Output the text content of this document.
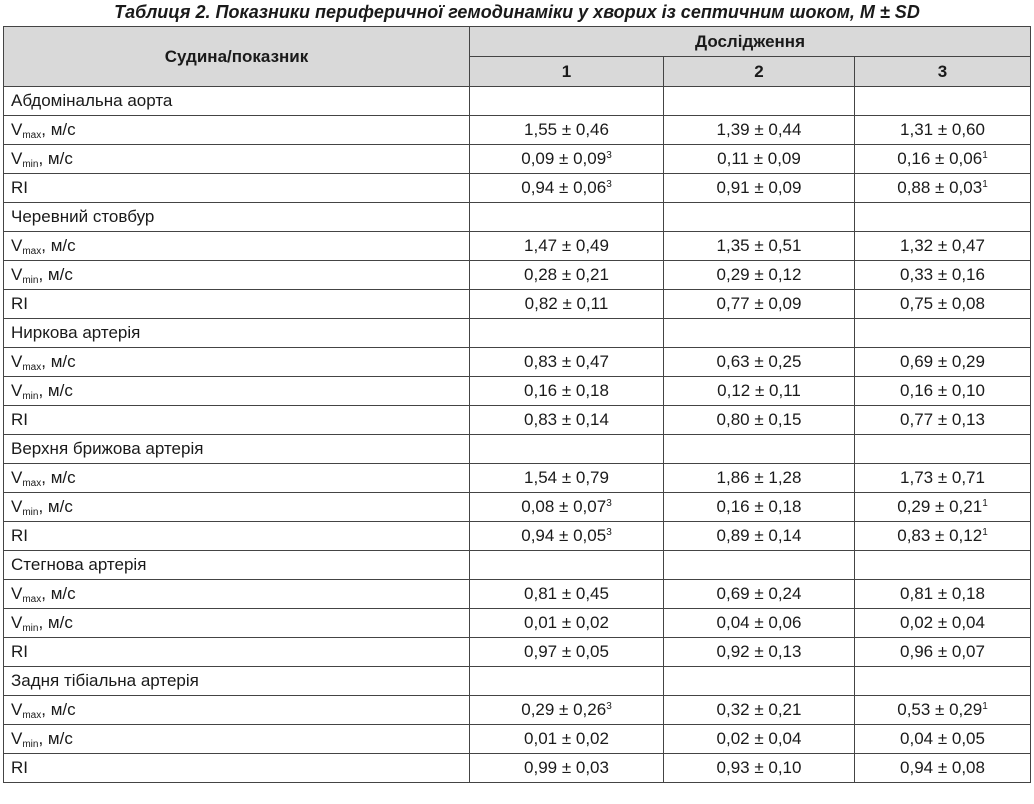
Таблиця 2. Показники периферичної гемодинаміки у хворих із септичним шоком, M ± SD
Судина/показник	Дослідження		
	1	2	3
Абдомінальна аорта			
$V_{max}$, м/с	1,55 ± 0,46	1,39 ± 0,44	1,31 ± 0,60
$V_{min}$, м/с	$0,09 \pm 0,09^3$	0,11 ± 0,09	$0,16 \pm 0,06^1$
RI	$0,94 \pm 0,06^3$	0,91 ± 0,09	$0,88 \pm 0,03^1$
Черевний стовбур			
$V_{max}$, м/с	1,47 ± 0,49	1,35 ± 0,51	1,32 ± 0,47
$V_{min}$, м/с	0,28 ± 0,21	0,29 ± 0,12	0,33 ± 0,16
RI	0,82 ± 0,11	0,77 ± 0,09	0,75 ± 0,08
Ниркова артерія			
$V_{max}$, м/с	0,83 ± 0,47	0,63 ± 0,25	0,69 ± 0,29
$V_{min}$, м/с	0,16 ± 0,18	0,12 ± 0,11	0,16 ± 0,10
RI	0,83 ± 0,14	0,80 ± 0,15	0,77 ± 0,13
Верхня брижова артерія			
$V_{max}$, м/с	1,54 ± 0,79	1,86 ± 1,28	1,73 ± 0,71
$V_{min}$, м/с	$0,08 \pm 0,07^3$	0,16 ± 0,18	$0,29 \pm 0,21^1$
RI	$0,94 \pm 0,05^3$	0,89 ± 0,14	$0,83 \pm 0,12^1$
Стегнова артерія			
$V_{max}$, м/с	0,81 ± 0,45	0,69 ± 0,24	0,81 ± 0,18
$V_{min}$, м/с	0,01 ± 0,02	0,04 ± 0,06	0,02 ± 0,04
RI	0,97 ± 0,05	0,92 ± 0,13	0,96 ± 0,07
Задня тібіальна артерія			
$V_{max}$, м/с	$0,29 \pm 0,26^3$	0,32 ± 0,21	$0,53 \pm 0,29^1$
$V_{min}$, м/с	0,01 ± 0,02	0,02 ± 0,04	0,04 ± 0,05
RI	0,99 ± 0,03	0,93 ± 0,10	0,94 ± 0,08
